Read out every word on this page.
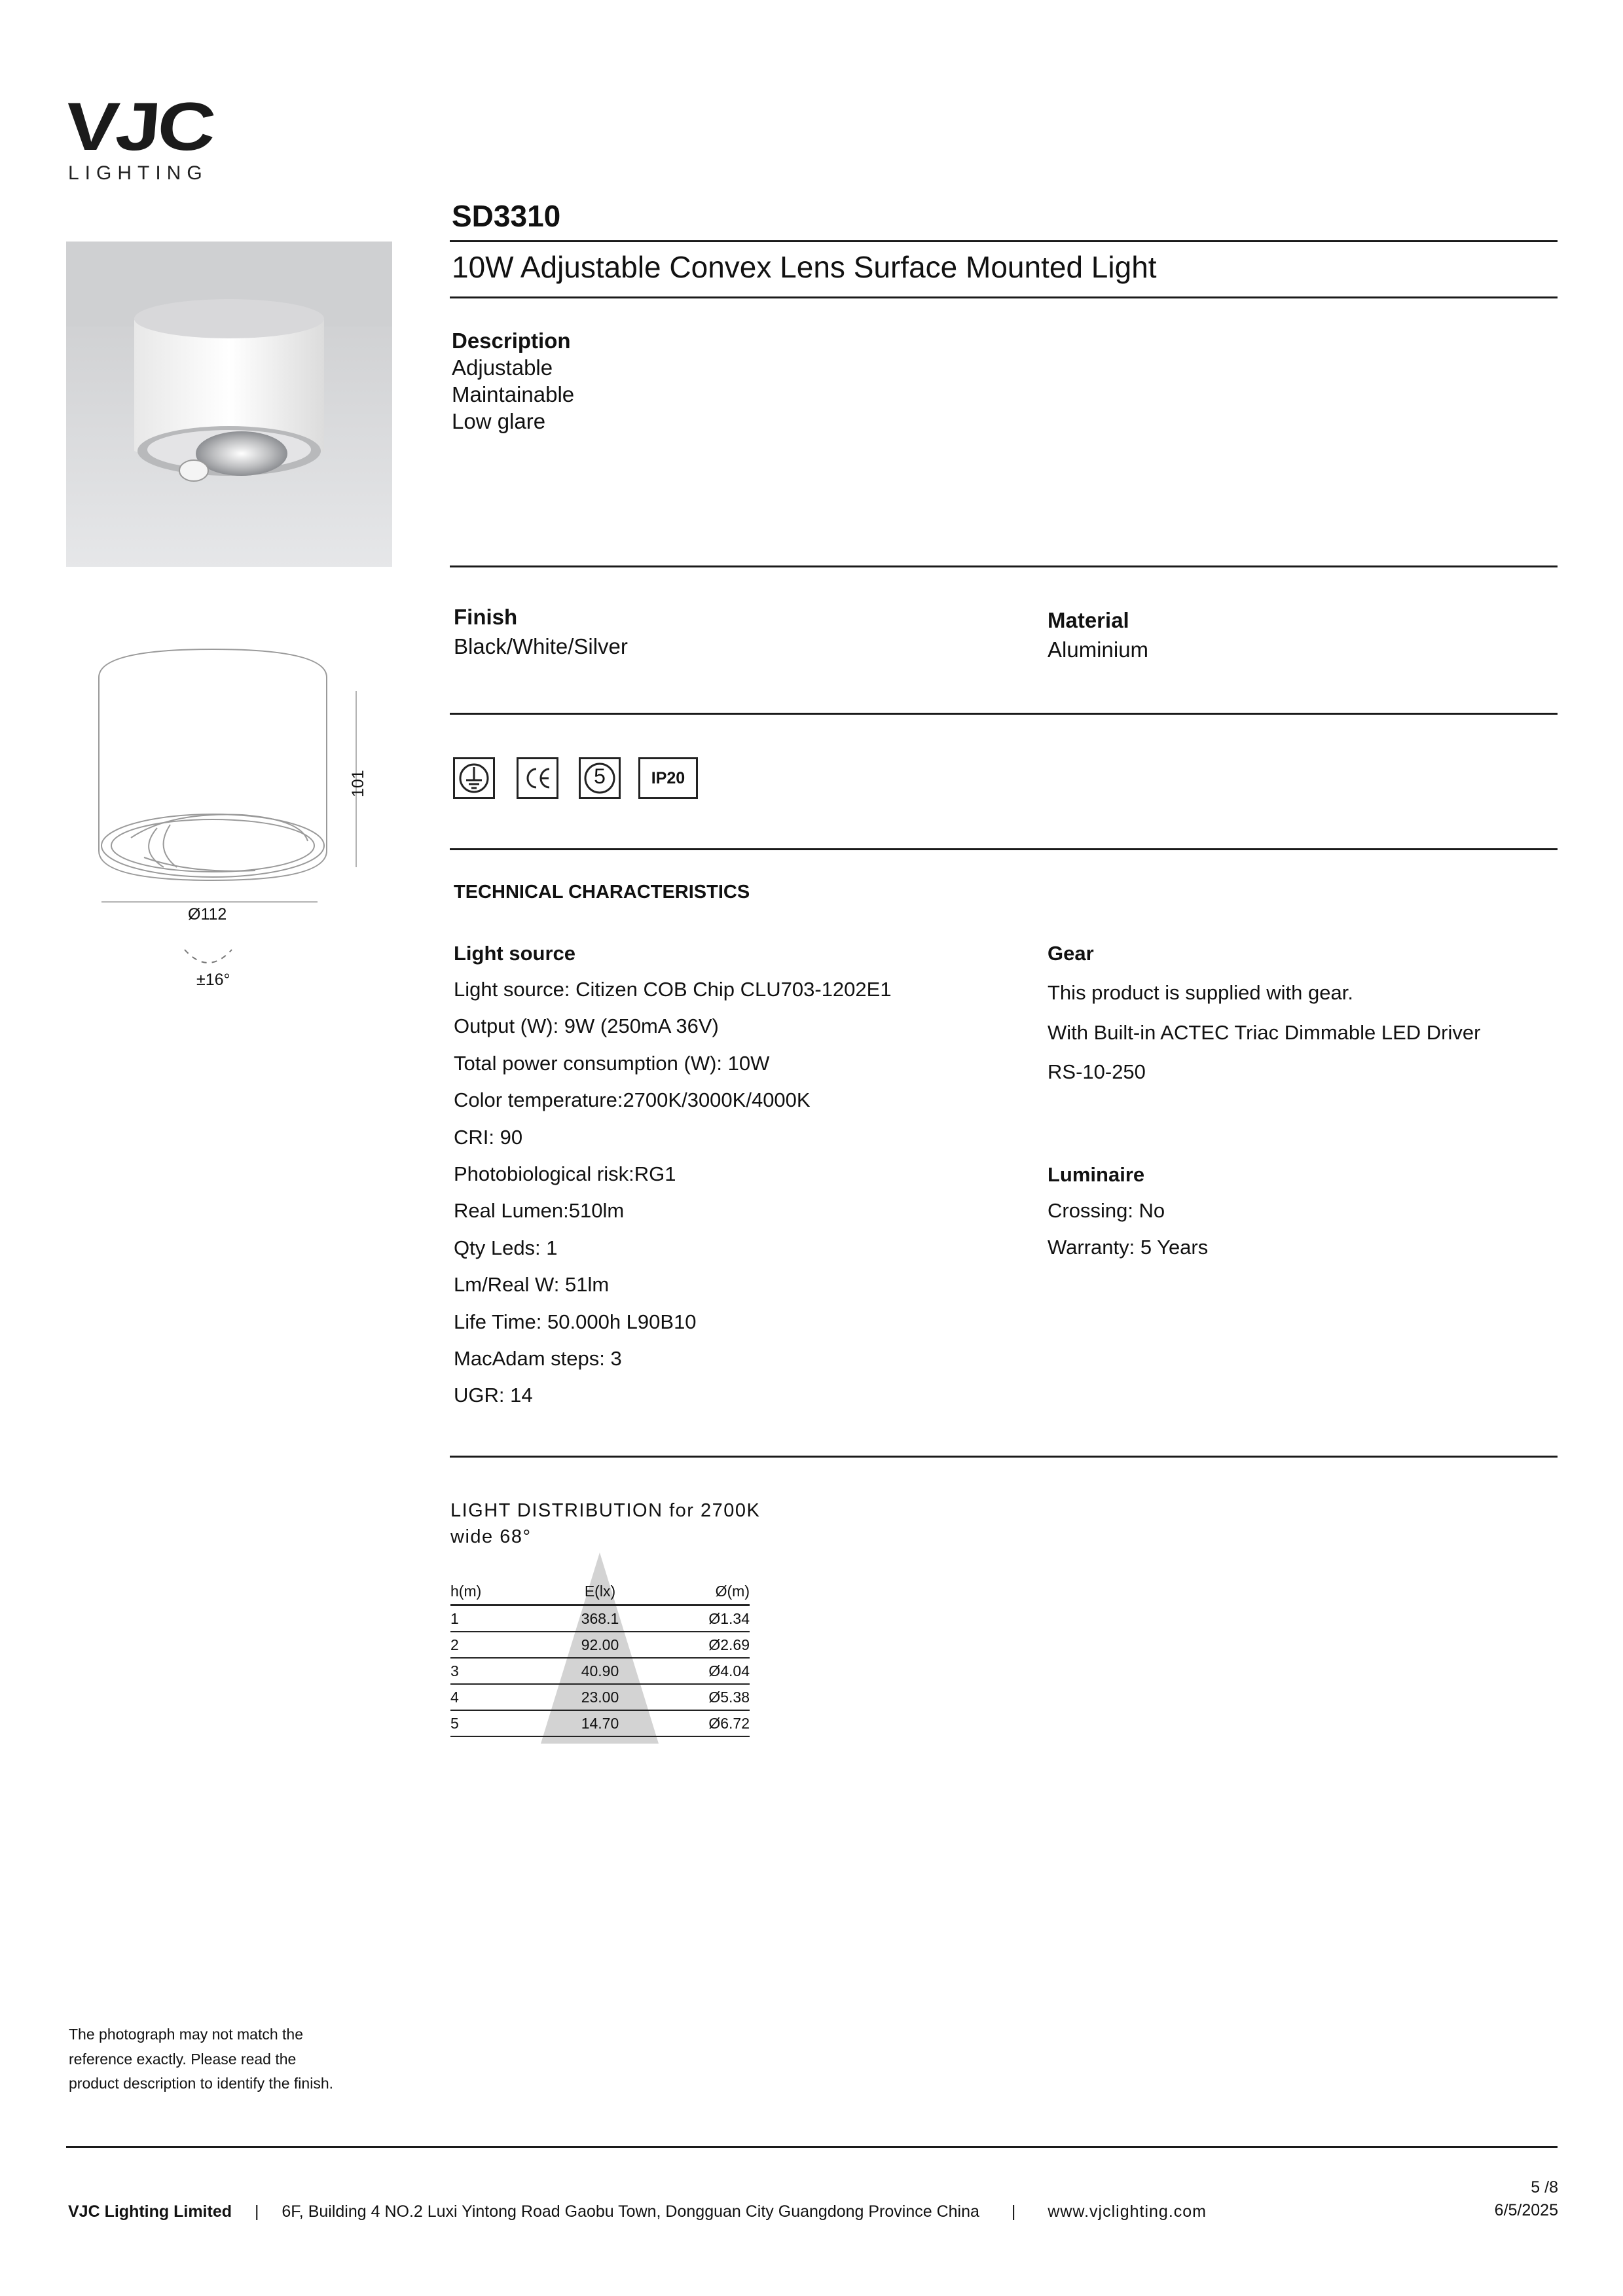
VJC
LIGHTING
SD3310
10W Adjustable Convex Lens Surface Mounted Light
Description
Adjustable
Maintainable
Low glare
Finish
Black/White/Silver
Material
Aluminium
101
Ø112
±16°
5	IP20
TECHNICAL CHARACTERISTICS
Light source
Light source: Citizen COB Chip CLU703-1202E1
Output (W): 9W (250mA 36V)
Total power consumption (W): 10W
Color temperature:2700K/3000K/4000K
CRI: 90
Photobiological risk:RG1
Real Lumen:510lm
Qty Leds: 1
Lm/Real W: 51lm
Life Time: 50.000h L90B10
MacAdam steps: 3
UGR: 14
Gear
This product is supplied with gear.
With Built-in ACTEC Triac Dimmable LED Driver
RS-10-250
Luminaire
Crossing: No
Warranty: 5 Years
LIGHT DISTRIBUTION for 2700K
wide 68°
h(m)	E(lx)	Ø(m)
1	368.1	Ø1.34
2	92.00	Ø2.69
3	40.90	Ø4.04
4	23.00	Ø5.38
5	14.70	Ø6.72
The photograph may not match the
reference exactly. Please read the
product description to identify the finish.
5 /8
VJC Lighting Limited | 6F, Building 4 NO.2 Luxi Yintong Road Gaobu Town, Dongguan City Guangdong Province China | www.vjclighting.com	6/5/2025
